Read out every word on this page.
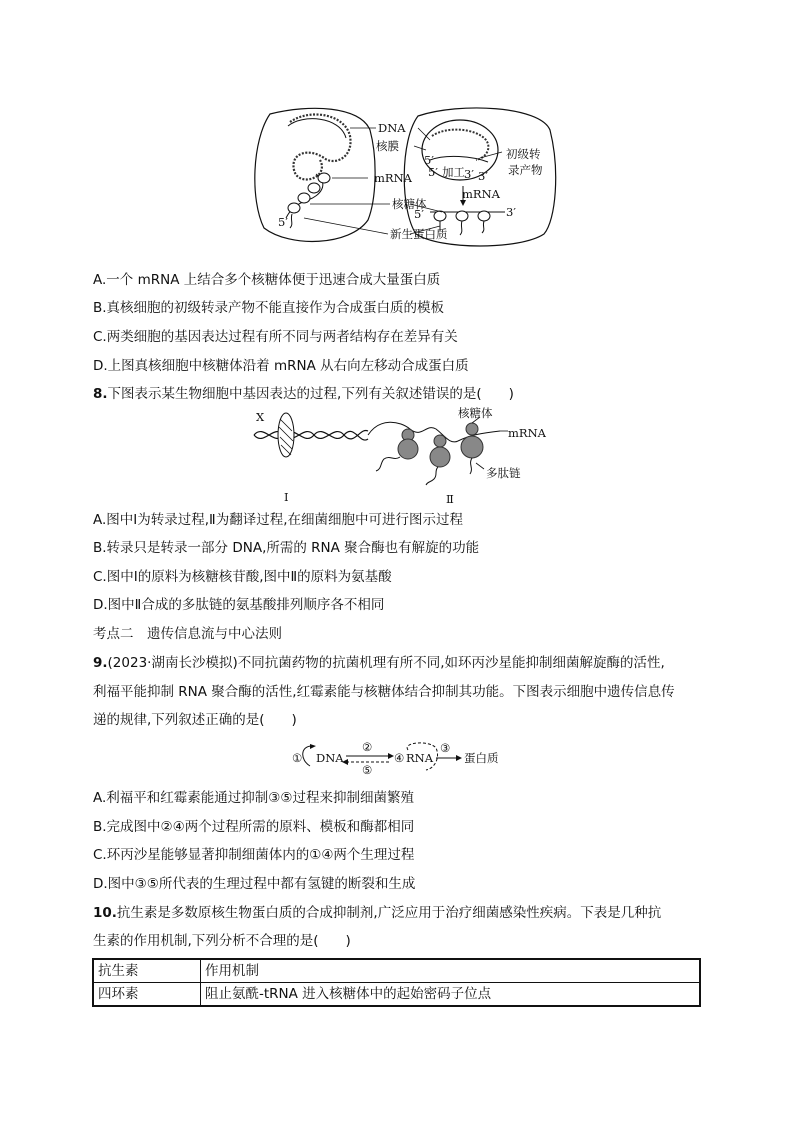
DNA
mRNA
核糖体
新生蛋白质
核膜
初级转
录产物
加工
mRNA
5′
5′ 3′ 3′
5′	3′
5′
A.一个 mRNA 上结合多个核糖体便于迅速合成大量蛋白质
B.真核细胞的初级转录产物不能直接作为合成蛋白质的模板
C.两类细胞的基因表达过程有所不同与两者结构存在差异有关
D.上图真核细胞中核糖体沿着 mRNA 从右向左移动合成蛋白质
8.下图表示某生物细胞中基因表达的过程,下列有关叙述错误的是(　　)
X	核糖体
mRNA
多肽链
Ⅰ	Ⅱ
A.图中Ⅰ为转录过程,Ⅱ为翻译过程,在细菌细胞中可进行图示过程
B.转录只是转录一部分 DNA,所需的 RNA 聚合酶也有解旋的功能
C.图中Ⅰ的原料为核糖核苷酸,图中Ⅱ的原料为氨基酸
D.图中Ⅱ合成的多肽链的氨基酸排列顺序各不相同
考点二　遗传信息流与中心法则
9.(2023·湖南长沙模拟)不同抗菌药物的抗菌机理有所不同,如环丙沙星能抑制细菌解旋酶的活性,
利福平能抑制 RNA 聚合酶的活性,红霉素能与核糖体结合抑制其功能。下图表示细胞中遗传信息传
递的规律,下列叙述正确的是(　　)
① DNA
②
⑤
④ RNA
③
蛋白质
A.利福平和红霉素能通过抑制③⑤过程来抑制细菌繁殖
B.完成图中②④两个过程所需的原料、模板和酶都相同
C.环丙沙星能够显著抑制细菌体内的①④两个生理过程
D.图中③⑤所代表的生理过程中都有氢键的断裂和生成
10.抗生素是多数原核生物蛋白质的合成抑制剂,广泛应用于治疗细菌感染性疾病。下表是几种抗
生素的作用机制,下列分析不合理的是(　　)
抗生素	作用机制
四环素	阻止氨酰-tRNA 进入核糖体中的起始密码子位点
